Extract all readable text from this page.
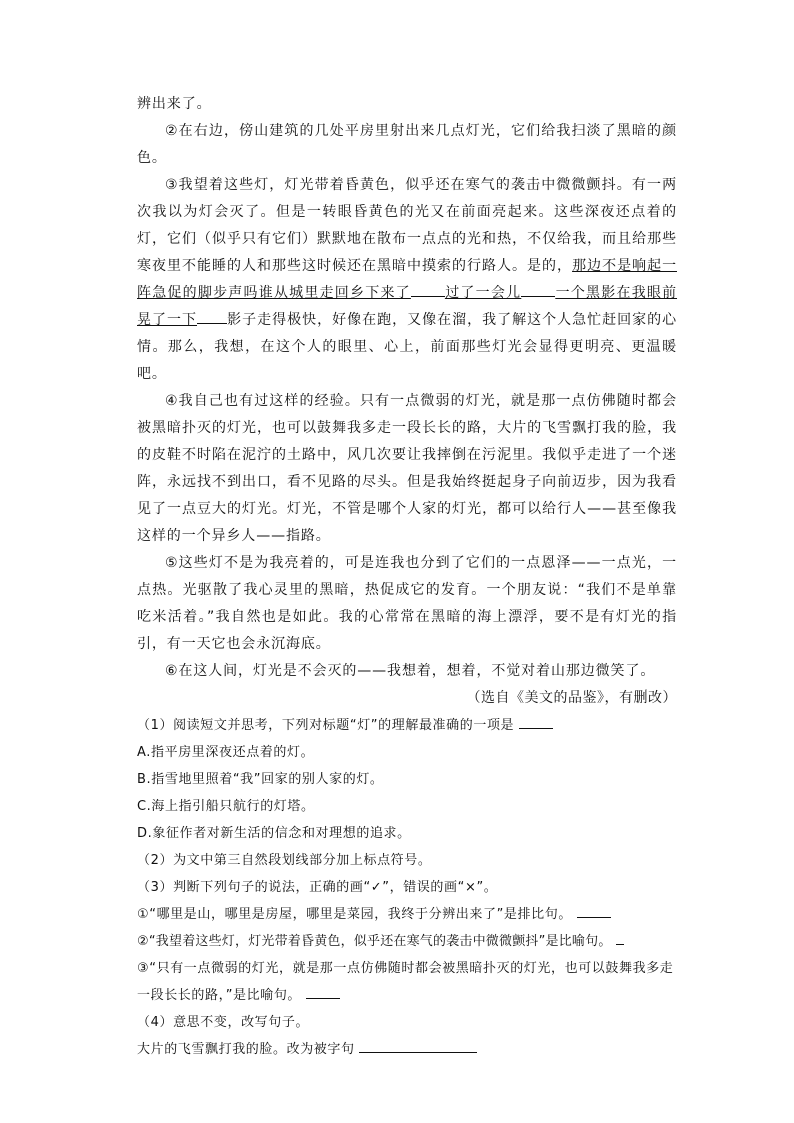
辨出来了。

②在右边，傍山建筑的几处平房里射出来几点灯光，它们给我扫淡了黑暗的颜色。

③我望着这些灯，灯光带着昏黄色，似乎还在寒气的袭击中微微颤抖。有一两次我以为灯会灭了。但是一转眼昏黄色的光又在前面亮起来。这些深夜还点着的灯，它们（似乎只有它们）默默地在散布一点点的光和热，不仅给我，而且给那些寒夜里不能睡的人和那些这时候还在黑暗中摸索的行路人。是的，那边不是响起一阵急促的脚步声吗谁从城里走回乡下来了 过了一会儿 一个黑影在我眼前晃了一下 影子走得极快，好像在跑，又像在溜，我了解这个人急忙赶回家的心情。那么，我想，在这个人的眼里、心上，前面那些灯光会显得更明亮、更温暖吧。

④我自己也有过这样的经验。只有一点微弱的灯光，就是那一点仿佛随时都会被黑暗扑灭的灯光，也可以鼓舞我多走一段长长的路，大片的飞雪飘打我的脸，我的皮鞋不时陷在泥泞的土路中，风几次要让我摔倒在污泥里。我似乎走进了一个迷阵，永远找不到出口，看不见路的尽头。但是我始终挺起身子向前迈步，因为我看见了一点豆大的灯光。灯光，不管是哪个人家的灯光，都可以给行人——甚至像我这样的一个异乡人——指路。

⑤这些灯不是为我亮着的，可是连我也分到了它们的一点恩泽——一点光，一点热。光驱散了我心灵里的黑暗，热促成它的发育。一个朋友说：“我们不是单靠吃米活着。”我自然也是如此。我的心常常在黑暗的海上漂浮，要不是有灯光的指引，有一天它也会永沉海底。

⑥在这人间，灯光是不会灭的——我想着，想着，不觉对着山那边微笑了。

（选自《美文的品鉴》，有删改）

（1）阅读短文并思考，下列对标题“灯”的理解最准确的一项是

A.指平房里深夜还点着的灯。

B.指雪地里照着“我”回家的别人家的灯。

C.海上指引船只航行的灯塔。

D.象征作者对新生活的信念和对理想的追求。

（2）为文中第三自然段划线部分加上标点符号。

（3）判断下列句子的说法，正确的画“✓”，错误的画“×”。

①“哪里是山，哪里是房屋，哪里是菜园，我终于分辨出来了”是排比句。

②“我望着这些灯，灯光带着昏黄色，似乎还在寒气的袭击中微微颤抖”是比喻句。

③“只有一点微弱的灯光，就是那一点仿佛随时都会被黑暗扑灭的灯光，也可以鼓舞我多走一段长长的路，”是比喻句。

（4）意思不变，改写句子。

大片的飞雪飘打我的脸。改为被字句
